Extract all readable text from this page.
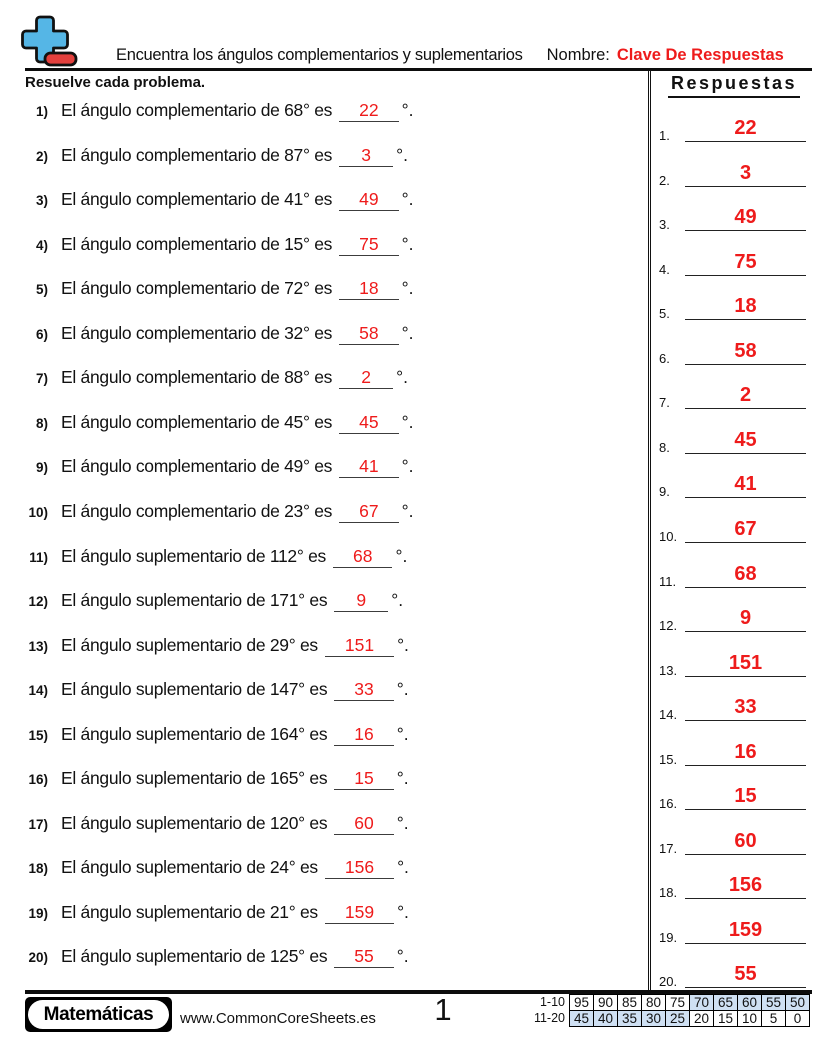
Encuentra los ángulos complementarios y suplementarios Nombre: Clave De Respuestas
Resuelve cada problema.
1) El ángulo complementario de 68° es	22	°.
2) El ángulo complementario de 87° es	3	°.
3) El ángulo complementario de 41° es	49	°.
4) El ángulo complementario de 15° es	75	°.
5) El ángulo complementario de 72° es	18	°.
6) El ángulo complementario de 32° es	58	°.
7) El ángulo complementario de 88° es	2	°.
8) El ángulo complementario de 45° es	45	°.
9) El ángulo complementario de 49° es	41	°.
10) El ángulo complementario de 23° es	67	°.
11) El ángulo suplementario de 112° es	68	°.
12) El ángulo suplementario de 171° es	9	°.
13) El ángulo suplementario de 29° es	151	°.
14) El ángulo suplementario de 147° es	33	°.
15) El ángulo suplementario de 164° es	16	°.
16) El ángulo suplementario de 165° es	15	°.
17) El ángulo suplementario de 120° es	60	°.
18) El ángulo suplementario de 24° es	156	°.
19) El ángulo suplementario de 21° es	159	°.
20) El ángulo suplementario de 125° es	55	°.
Respuestas
1.	22
2.	3
3.	49
4.	75
5.	18
6.	58
7.	2
8.	45
9.	41
10.	67
11.	68
12.	9
13.	151
14.	33
15.	16
16.	15
17.	60
18.	156
19.	159
20.	55
Matemáticas	www.CommonCoreSheets.es	1	1-10	95	90	85	80	75	70	65	60	55	50
11-20	45	40	35	30	25	20	15	10	5	0
